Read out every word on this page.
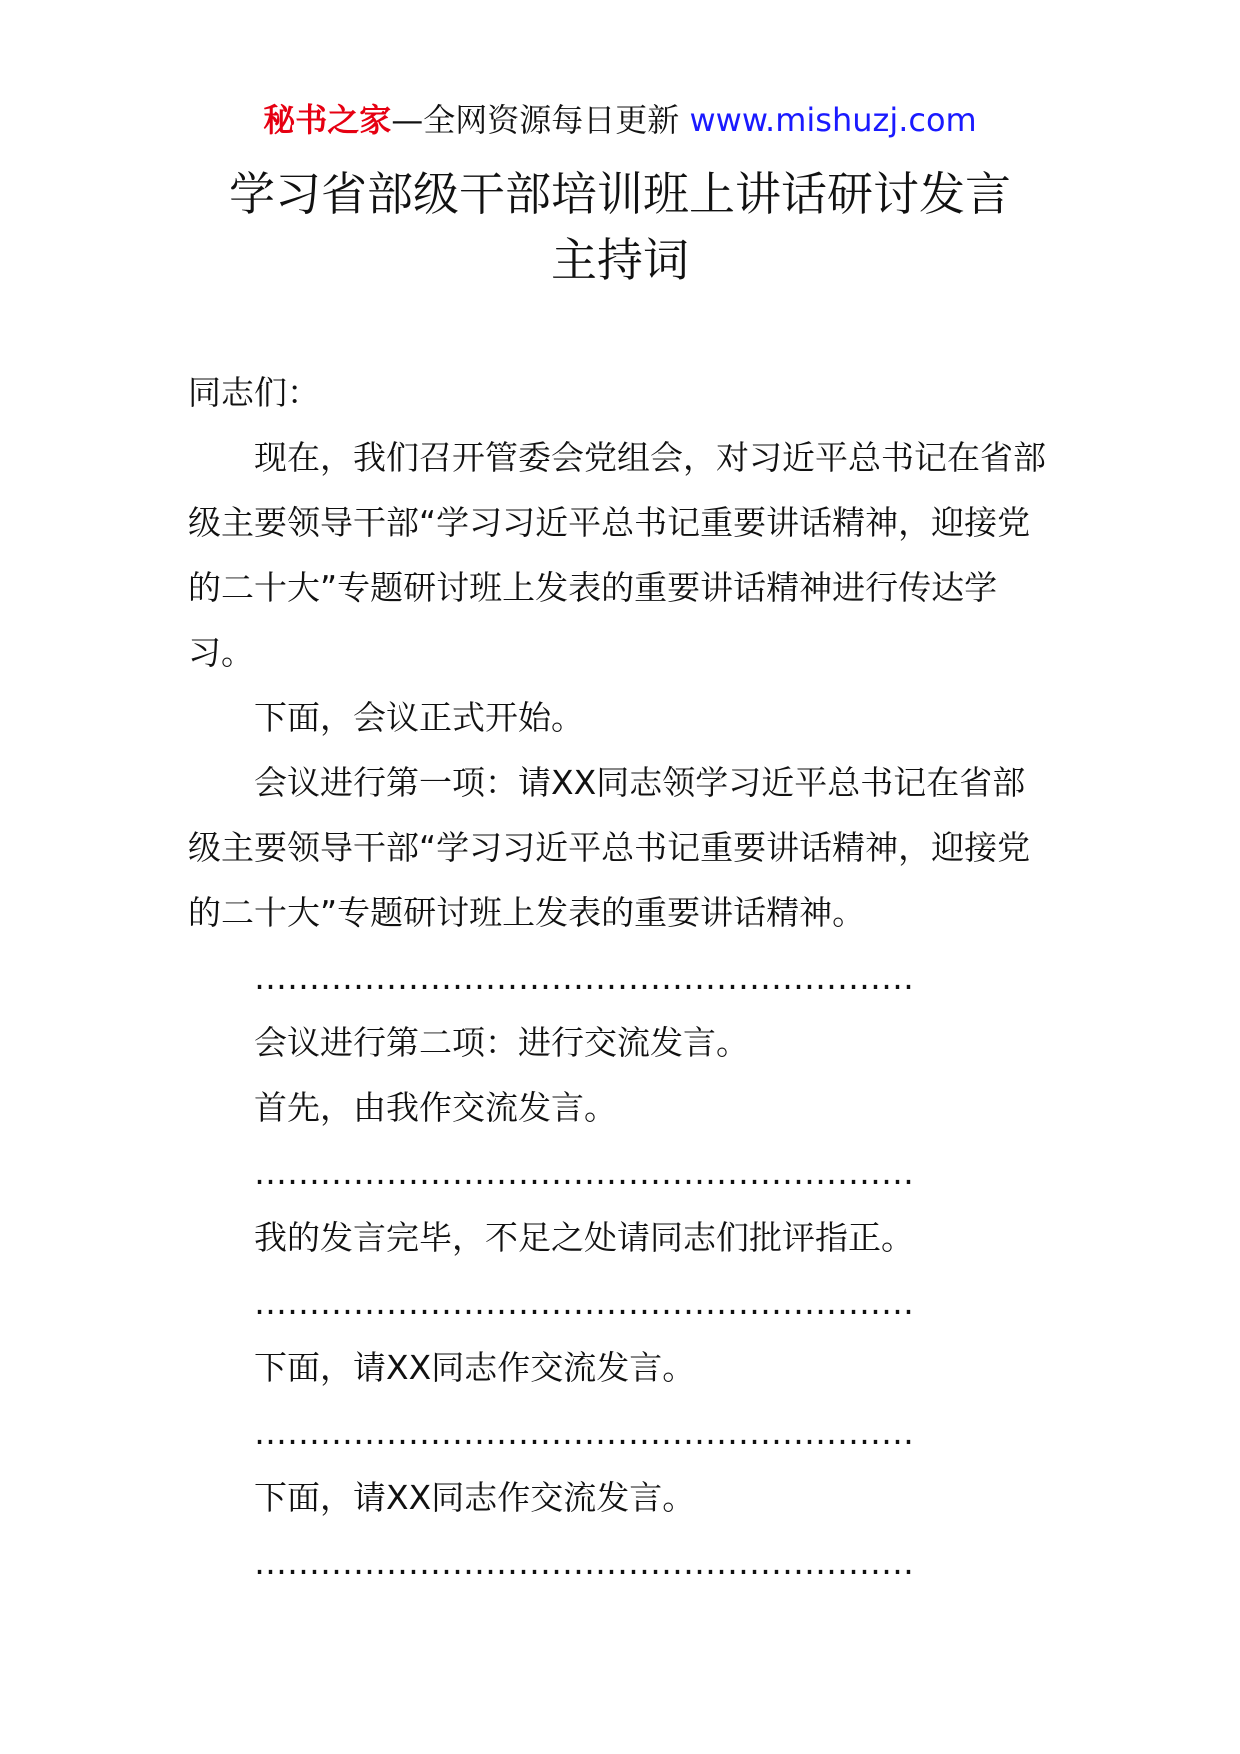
秘书之家—全网资源每日更新 www.mishuzj.com
学习省部级干部培训班上讲话研讨发言
主持词

同志们：

现在，我们召开管委会党组会，对习近平总书记在省部级主要领导干部“学习习近平总书记重要讲话精神，迎接党的二十大”专题研讨班上发表的重要讲话精神进行传达学习。

下面，会议正式开始。

会议进行第一项：请XX同志领学习近平总书记在省部级主要领导干部“学习习近平总书记重要讲话精神，迎接党的二十大”专题研讨班上发表的重要讲话精神。

……………………………………………………

会议进行第二项：进行交流发言。

首先，由我作交流发言。

……………………………………………………

我的发言完毕，不足之处请同志们批评指正。

……………………………………………………

下面，请XX同志作交流发言。

……………………………………………………

下面，请XX同志作交流发言。

……………………………………………………
